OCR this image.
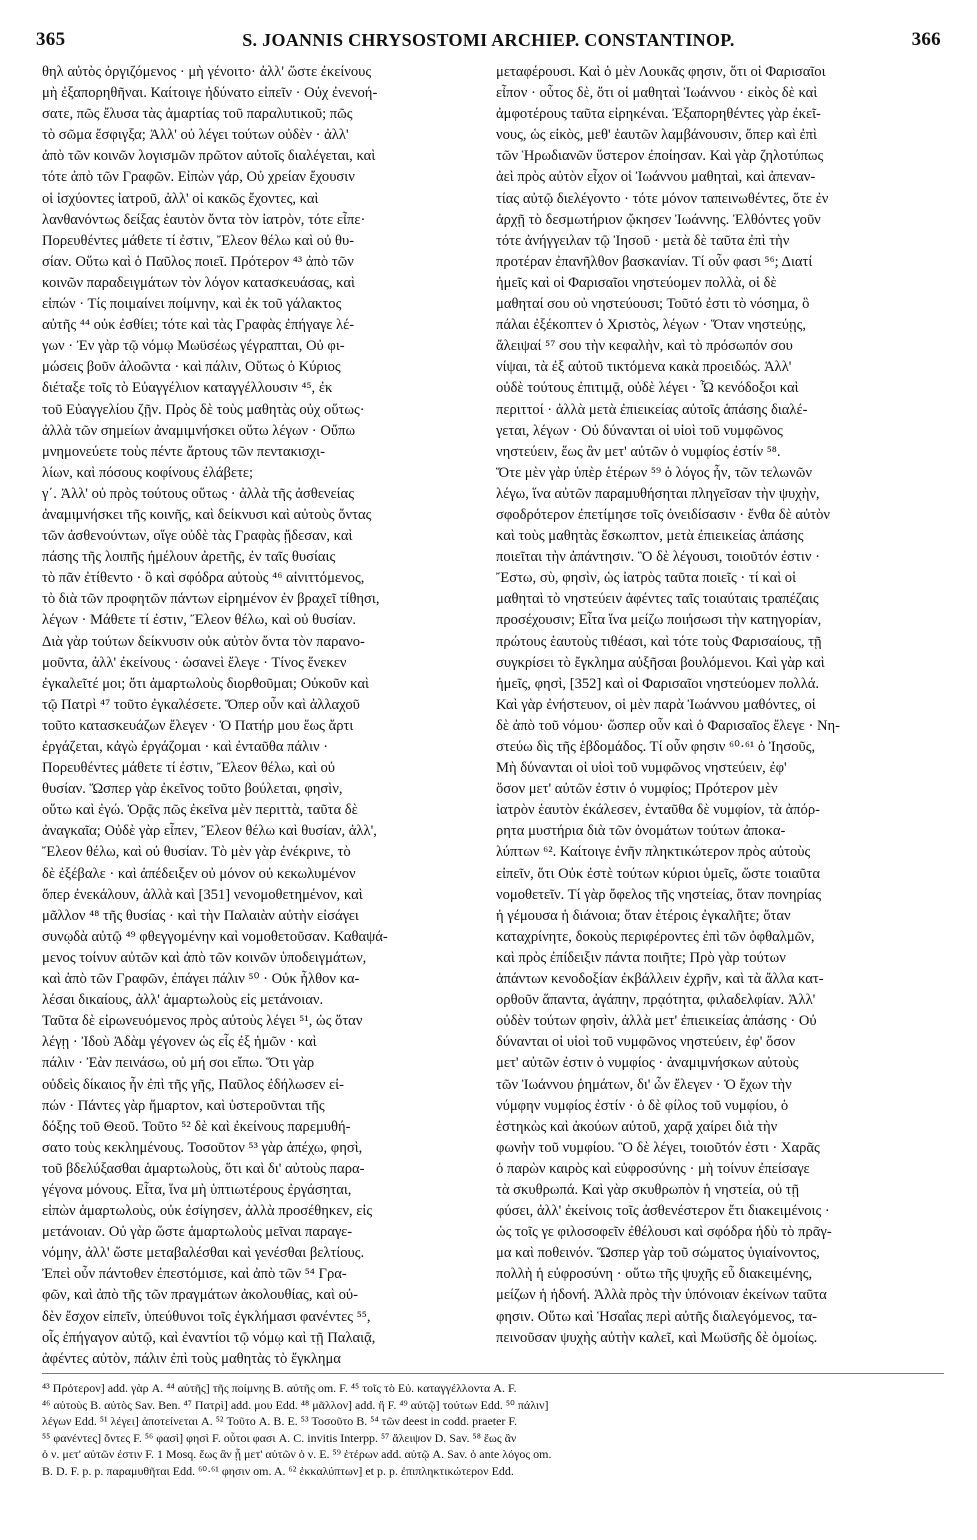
365	S. JOANNIS CHRYSOSTOMI ARCHIEP. CONSTANTINOP.	366
θηλ αὐτὸς ὀργιζόμενος · μὴ γένοιτο· ἀλλ' ὥστε ἐκείνους
μὴ ἐξαπορηθῆναι. Καίτοιγε ἠδύνατο εἰπεῖν · Οὐχ ἐνενοή-
σατε, πῶς ἔλυσα τὰς ἁμαρτίας τοῦ παραλυτικοῦ; πῶς
τὸ σῶμα ἔσφιγξα; Ἀλλ' οὐ λέγει τούτων οὐδὲν · ἀλλ'
ἀπὸ τῶν κοινῶν λογισμῶν πρῶτον αὐτοῖς διαλέγεται, καὶ
τότε ἀπὸ τῶν Γραφῶν. Εἰπὼν γάρ, Οὐ χρείαν ἔχουσιν
οἱ ἰσχύοντες ἰατροῦ, ἀλλ' οἱ κακῶς ἔχοντες, καὶ
λανθανόντως δείξας ἑαυτὸν ὄντα τὸν ἰατρὸν, τότε εἶπε·
Πορευθέντες μάθετε τί ἐστιν, Ἔλεον θέλω καὶ οὐ θυ-
σίαν. Οὕτω καὶ ὁ Παῦλος ποιεῖ. Πρότερον ⁴³ ἀπὸ τῶν
κοινῶν παραδειγμάτων τὸν λόγον κατασκευάσας, καὶ
εἰπών · Τίς ποιμαίνει ποίμνην, καὶ ἐκ τοῦ γάλακτος
αὐτῆς ⁴⁴ οὐκ ἐσθίει; τότε καὶ τὰς Γραφὰς ἐπήγαγε λέ-
γων · Ἐν γὰρ τῷ νόμῳ Μωϋσέως γέγραπται, Οὐ φι-
μώσεις βοῦν ἀλοῶντα · καὶ πάλιν, Οὕτως ὁ Κύριος
διέταξε τοῖς τὸ Εὐαγγέλιον καταγγέλλουσιν ⁴⁵, ἐκ
τοῦ Εὐαγγελίου ζῇν. Πρὸς δὲ τοὺς μαθητὰς οὐχ οὕτως·
ἀλλὰ τῶν σημείων ἀναμιμνήσκει οὕτω λέγων · Οὔπω
μνημονεύετε τοὺς πέντε ἄρτους τῶν πεντακισχι-
λίων, καὶ πόσους κοφίνους ἐλάβετε;
γ΄. Ἀλλ' οὐ πρὸς τούτους οὕτως · ἀλλὰ τῆς ἀσθενείας
ἀναμιμνήσκει τῆς κοινῆς, καὶ δείκνυσι καὶ αὐτοὺς ὄντας
τῶν ἀσθενούντων, οἵγε οὐδὲ τὰς Γραφὰς ᾔδεσαν, καὶ
πάσης τῆς λοιπῆς ἠμέλουν ἀρετῆς, ἐν ταῖς θυσίαις
τὸ πᾶν ἐτίθεντο · ὃ καὶ σφόδρα αὐτοὺς ⁴⁶ αἰνιττόμενος,
τὸ διὰ τῶν προφητῶν πάντων εἰρημένον ἐν βραχεῖ τίθησι,
λέγων · Μάθετε τί ἐστιν, Ἔλεον θέλω, καὶ οὐ θυσίαν.
Διὰ γὰρ τούτων δείκνυσιν οὐκ αὐτὸν ὄντα τὸν παρανο-
μοῦντα, ἀλλ' ἐκείνους · ὡσανεὶ ἔλεγε · Τίνος ἕνεκεν
ἐγκαλεῖτέ μοι; ὅτι ἁμαρτωλοὺς διορθοῦμαι; Οὐκοῦν καὶ
τῷ Πατρὶ ⁴⁷ τοῦτο ἐγκαλέσετε. Ὅπερ οὖν καὶ ἀλλαχοῦ
τοῦτο κατασκευάζων ἔλεγεν · Ὁ Πατήρ μου ἕως ἄρτι
ἐργάζεται, κἀγὼ ἐργάζομαι · καὶ ἐνταῦθα πάλιν ·
Πορευθέντες μάθετε τί ἐστιν, Ἔλεον θέλω, καὶ οὐ
θυσίαν. Ὥσπερ γὰρ ἐκεῖνος τοῦτο βούλεται, φησὶν,
οὕτω καὶ ἐγώ. Ὁρᾷς πῶς ἐκεῖνα μὲν περιττὰ, ταῦτα δὲ
ἀναγκαῖα; Οὐδὲ γὰρ εἶπεν, Ἔλεον θέλω καὶ θυσίαν, ἀλλ',
Ἔλεον θέλω, καὶ οὐ θυσίαν. Τὸ μὲν γὰρ ἐνέκρινε, τὸ
δὲ ἐξέβαλε · καὶ ἀπέδειξεν οὐ μόνον οὐ κεκωλυμένον
ὅπερ ἐνεκάλουν, ἀλλὰ καὶ [351] νενομοθετημένον, καὶ
μᾶλλον ⁴⁸ τῆς θυσίας · καὶ τὴν Παλαιὰν αὐτὴν εἰσάγει
συνῳδὰ αὐτῷ ⁴⁹ φθεγγομένην καὶ νομοθετοῦσαν. Καθαψά-
μενος τοίνυν αὐτῶν καὶ ἀπὸ τῶν κοινῶν ὑποδειγμάτων,
καὶ ἀπὸ τῶν Γραφῶν, ἐπάγει πάλιν ⁵⁰ · Οὐκ ἦλθον κα-
λέσαι δικαίους, ἀλλ' ἁμαρτωλοὺς εἰς μετάνοιαν.
Ταῦτα δὲ εἰρωνευόμενος πρὸς αὐτοὺς λέγει ⁵¹, ὡς ὅταν
λέγῃ · Ἰδοὺ Ἀδὰμ γέγονεν ὡς εἷς ἐξ ἡμῶν · καὶ
πάλιν · Ἐὰν πεινάσω, οὐ μή σοι εἴπω. Ὅτι γὰρ
οὐδεὶς δίκαιος ἦν ἐπὶ τῆς γῆς, Παῦλος ἐδήλωσεν εἰ-
πών · Πάντες γὰρ ἥμαρτον, καὶ ὑστεροῦνται τῆς
δόξης τοῦ Θεοῦ. Τοῦτο ⁵² δὲ καὶ ἐκείνους παρεμυθή-
σατο τοὺς κεκλημένους. Τοσοῦτον ⁵³ γὰρ ἀπέχω, φησὶ,
τοῦ βδελύξασθαι ἁμαρτωλοὺς, ὅτι καὶ δι' αὐτοὺς παρα-
γέγονα μόνους. Εἶτα, ἵνα μὴ ὑπτιωτέρους ἐργάσηται,
εἰπὼν ἁμαρτωλοὺς, οὐκ ἐσίγησεν, ἀλλὰ προσέθηκεν, εἰς
μετάνοιαν. Οὐ γὰρ ὥστε ἁμαρτωλοὺς μεῖναι παραγε-
νόμην, ἀλλ' ὥστε μεταβαλέσθαι καὶ γενέσθαι βελτίους.
Ἐπεὶ οὖν πάντοθεν ἐπεστόμισε, καὶ ἀπὸ τῶν ⁵⁴ Γρα-
φῶν, καὶ ἀπὸ τῆς τῶν πραγμάτων ἀκολουθίας, καὶ οὐ-
δὲν ἔσχον εἰπεῖν, ὑπεύθυνοι τοῖς ἐγκλήμασι φανέντες ⁵⁵,
οἷς ἐπήγαγον αὐτῷ, καὶ ἐναντίοι τῷ νόμῳ καὶ τῇ Παλαιᾷ,
ἀφέντες αὐτὸν, πάλιν ἐπὶ τοὺς μαθητὰς τὸ ἔγκλημα
μεταφέρουσι. Καὶ ὁ μὲν Λουκᾶς φησιν, ὅτι οἱ Φαρισαῖοι
εἶπον · οὗτος δὲ, ὅτι οἱ μαθηταὶ Ἰωάννου · εἰκὸς δὲ καὶ
ἀμφοτέρους ταῦτα εἰρηκέναι. Ἐξαπορηθέντες γὰρ ἐκεῖ-
νους, ὡς εἰκὸς, μεθ' ἑαυτῶν λαμβάνουσιν, ὅπερ καὶ ἐπὶ
τῶν Ἡρωδιανῶν ὕστερον ἐποίησαν. Καὶ γὰρ ζηλοτύπως
ἀεὶ πρὸς αὐτὸν εἶχον οἱ Ἰωάννου μαθηταὶ, καὶ ἀπεναν-
τίας αὐτῷ διελέγοντο · τότε μόνον ταπεινωθέντες, ὅτε ἐν
ἀρχῇ τὸ δεσμωτήριον ᾤκησεν Ἰωάννης. Ἐλθόντες γοῦν
τότε ἀνήγγειλαν τῷ Ἰησοῦ · μετὰ δὲ ταῦτα ἐπὶ τὴν
προτέραν ἐπανῆλθον βασκανίαν. Τί οὖν φασι ⁵⁶; Διατί
ἡμεῖς καὶ οἱ Φαρισαῖοι νηστεύομεν πολλὰ, οἱ δὲ
μαθηταί σου οὐ νηστεύουσι; Τοῦτό ἐστι τὸ νόσημα, ὃ
πάλαι ἐξέκοπτεν ὁ Χριστὸς, λέγων · Ὅταν νηστεύῃς,
ἄλειψαί ⁵⁷ σου τὴν κεφαλὴν, καὶ τὸ πρόσωπόν σου
νίψαι, τὰ ἐξ αὐτοῦ τικτόμενα κακὰ προειδώς. Ἀλλ'
οὐδὲ τούτους ἐπιτιμᾷ, οὐδὲ λέγει · Ὦ κενόδοξοι καὶ
περιττοί · ἀλλὰ μετὰ ἐπιεικείας αὐτοῖς ἁπάσης διαλέ-
γεται, λέγων · Οὐ δύνανται οἱ υἱοὶ τοῦ νυμφῶνος
νηστεύειν, ἕως ἂν μετ' αὐτῶν ὁ νυμφίος ἐστίν ⁵⁸.
Ὅτε μὲν γὰρ ὑπὲρ ἑτέρων ⁵⁹ ὁ λόγος ἦν, τῶν τελωνῶν
λέγω, ἵνα αὐτῶν παραμυθήσηται πληγεῖσαν τὴν ψυχὴν,
σφοδρότερον ἐπετίμησε τοῖς ὀνειδίσασιν · ἔνθα δὲ αὐτὸν
καὶ τοὺς μαθητὰς ἔσκωπτον, μετὰ ἐπιεικείας ἁπάσης
ποιεῖται τὴν ἀπάντησιν. Ὃ δὲ λέγουσι, τοιοῦτόν ἐστιν ·
Ἔστω, σὺ, φησὶν, ὡς ἰατρὸς ταῦτα ποιεῖς · τί καὶ οἱ
μαθηταὶ τὸ νηστεύειν ἀφέντες ταῖς τοιαύταις τραπέζαις
προσέχουσιν; Εἶτα ἵνα μείζω ποιήσωσι τὴν κατηγορίαν,
πρώτους ἑαυτοὺς τιθέασι, καὶ τότε τοὺς Φαρισαίους, τῇ
συγκρίσει τὸ ἔγκλημα αὐξῆσαι βουλόμενοι. Καὶ γὰρ καὶ
ἡμεῖς, φησὶ, [352] καὶ οἱ Φαρισαῖοι νηστεύομεν πολλά.
Καὶ γὰρ ἐνήστευον, οἱ μὲν παρὰ Ἰωάννου μαθόντες, οἱ
δὲ ἀπὸ τοῦ νόμου· ὥσπερ οὖν καὶ ὁ Φαρισαῖος ἔλεγε · Νη-
στεύω δὶς τῆς ἑβδομάδος. Τί οὖν φησιν ⁶⁰·⁶¹ ὁ Ἰησοῦς,
Μὴ δύνανται οἱ υἱοὶ τοῦ νυμφῶνος νηστεύειν, ἐφ'
ὅσον μετ' αὐτῶν ἐστιν ὁ νυμφίος; Πρότερον μὲν
ἰατρὸν ἑαυτὸν ἐκάλεσεν, ἐνταῦθα δὲ νυμφίον, τὰ ἀπόρ-
ρητα μυστήρια διὰ τῶν ὀνομάτων τούτων ἀποκα-
λύπτων ⁶². Καίτοιγε ἐνῆν πληκτικώτερον πρὸς αὐτοὺς
εἰπεῖν, ὅτι Οὐκ ἐστὲ τούτων κύριοι ὑμεῖς, ὥστε τοιαῦτα
νομοθετεῖν. Τί γὰρ ὄφελος τῆς νηστείας, ὅταν πονηρίας
ἡ γέμουσα ἡ διάνοια; ὅταν ἑτέροις ἐγκαλῆτε; ὅταν
καταχρίνητε, δοκοὺς περιφέροντες ἐπὶ τῶν ὀφθαλμῶν,
καὶ πρὸς ἐπίδειξιν πάντα ποιῆτε; Πρὸ γὰρ τούτων
ἁπάντων κενοδοξίαν ἐκβάλλειν ἐχρῆν, καὶ τὰ ἄλλα κατ-
ορθοῦν ἅπαντα, ἀγάπην, πρᾳότητα, φιλαδελφίαν. Ἀλλ'
οὐδὲν τούτων φησὶν, ἀλλὰ μετ' ἐπιεικείας ἁπάσης · Οὐ
δύνανται οἱ υἱοὶ τοῦ νυμφῶνος νηστεύειν, ἐφ' ὅσον
μετ' αὐτῶν ἐστιν ὁ νυμφίος · ἀναμιμνήσκων αὐτοὺς
τῶν Ἰωάννου ῥημάτων, δι' ὧν ἔλεγεν · Ὁ ἔχων τὴν
νύμφην νυμφίος ἐστίν · ὁ δὲ φίλος τοῦ νυμφίου, ὁ
ἑστηκὼς καὶ ἀκούων αὐτοῦ, χαρᾷ χαίρει διὰ τὴν
φωνὴν τοῦ νυμφίου. Ὃ δὲ λέγει, τοιοῦτόν ἐστι · Χαρᾶς
ὁ παρὼν καιρὸς καὶ εὐφροσύνης · μὴ τοίνυν ἐπείσαγε
τὰ σκυθρωπά. Καὶ γὰρ σκυθρωπὸν ἡ νηστεία, οὐ τῇ
φύσει, ἀλλ' ἐκείνοις τοῖς ἀσθενέστερον ἔτι διακειμένοις ·
ὡς τοῖς γε φιλοσοφεῖν ἐθέλουσι καὶ σφόδρα ἡδὺ τὸ πρᾶγ-
μα καὶ ποθεινόν. Ὥσπερ γὰρ τοῦ σώματος ὑγιαίνοντος,
πολλὴ ἡ εὐφροσύνη · οὕτω τῆς ψυχῆς εὖ διακειμένης,
μείζων ἡ ἡδονή. Ἀλλὰ πρὸς τὴν ὑπόνοιαν ἐκείνων ταῦτα
φησιν. Οὕτω καὶ Ἡσαΐας περὶ αὐτῆς διαλεγόμενος, τα-
πεινοῦσαν ψυχὴς αὐτὴν καλεῖ, καὶ Μωϋσῆς δὲ ὁμοίως.
⁴³ Πρότερον] add. γὰρ A. ⁴⁴ αὐτῆς] τῆς ποίμνης B. αὐτῆς om. F. ⁴⁵ τοῖς τὸ Εὐ. καταγγέλλοντα A. F.
⁴⁶ αὐτοὺς B. αὐτὸς Sav. Ben. ⁴⁷ Πατρὶ] add. μου Edd. ⁴⁸ μᾶλλον] add. ἢ F. ⁴⁹ αὐτῷ] τούτων Edd. ⁵⁰ πάλιν]
λέγων Edd. ⁵¹ λέγει] ἀποτείνεται A. ⁵² Τοῦτο A. B. E. ⁵³ Τοσοῦτο B. ⁵⁴ τῶν deest in codd. praeter F.
⁵⁵ φανέντες] ὄντες F. ⁵⁶ φασὶ] φησὶ F. οὗτοι φασι A. C. invitis Interpp. ⁵⁷ ἄλειψον D. Sav. ⁵⁸ ἕως ἂν
ὁ ν. μετ' αὐτῶν ἐστιν F. 1 Mosq. ἕως ἂν ᾖ μετ' αὐτῶν ὁ ν. E. ⁵⁹ ἑτέρων add. αὐτῷ A. Sav. ὁ ante λόγος om.
B. D. F. p. p. παραμυθῆται Edd. ⁶⁰·⁶¹ φησιν om. A. ⁶² ἐκκαλύπτων] et p. p. ἐπιπληκτικώτερον Edd.
